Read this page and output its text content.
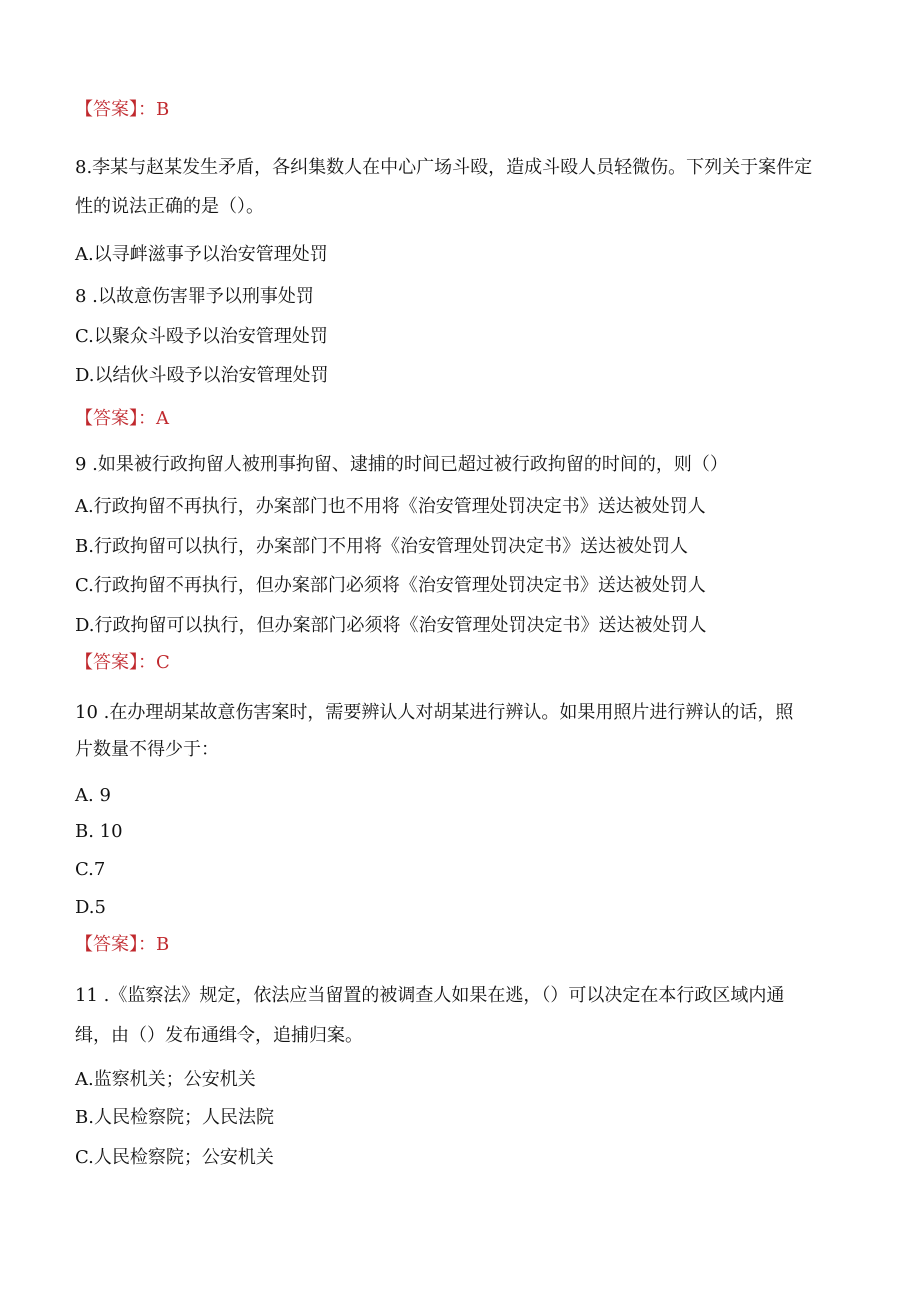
【答案】：B
8.李某与赵某发生矛盾，各纠集数人在中心广场斗殴，造成斗殴人员轻微伤。下列关于案件定
性的说法正确的是（）。
A.以寻衅滋事予以治安管理处罚
8 .以故意伤害罪予以刑事处罚
C.以聚众斗殴予以治安管理处罚
D.以结伙斗殴予以治安管理处罚
【答案】：A
9 .如果被行政拘留人被刑事拘留、逮捕的时间已超过被行政拘留的时间的，则（）
A.行政拘留不再执行，办案部门也不用将《治安管理处罚决定书》送达被处罚人
B.行政拘留可以执行，办案部门不用将《治安管理处罚决定书》送达被处罚人
C.行政拘留不再执行，但办案部门必须将《治安管理处罚决定书》送达被处罚人
D.行政拘留可以执行，但办案部门必须将《治安管理处罚决定书》送达被处罚人
【答案】：C
10 .在办理胡某故意伤害案时，需要辨认人对胡某进行辨认。如果用照片进行辨认的话，照
片数量不得少于：
A. 9
B. 10
C.7
D.5
【答案】：B
11 .《监察法》规定，依法应当留置的被调查人如果在逃，（）可以决定在本行政区域内通
缉，由（）发布通缉令，追捕归案。
A.监察机关；公安机关
B.人民检察院；人民法院
C.人民检察院；公安机关
